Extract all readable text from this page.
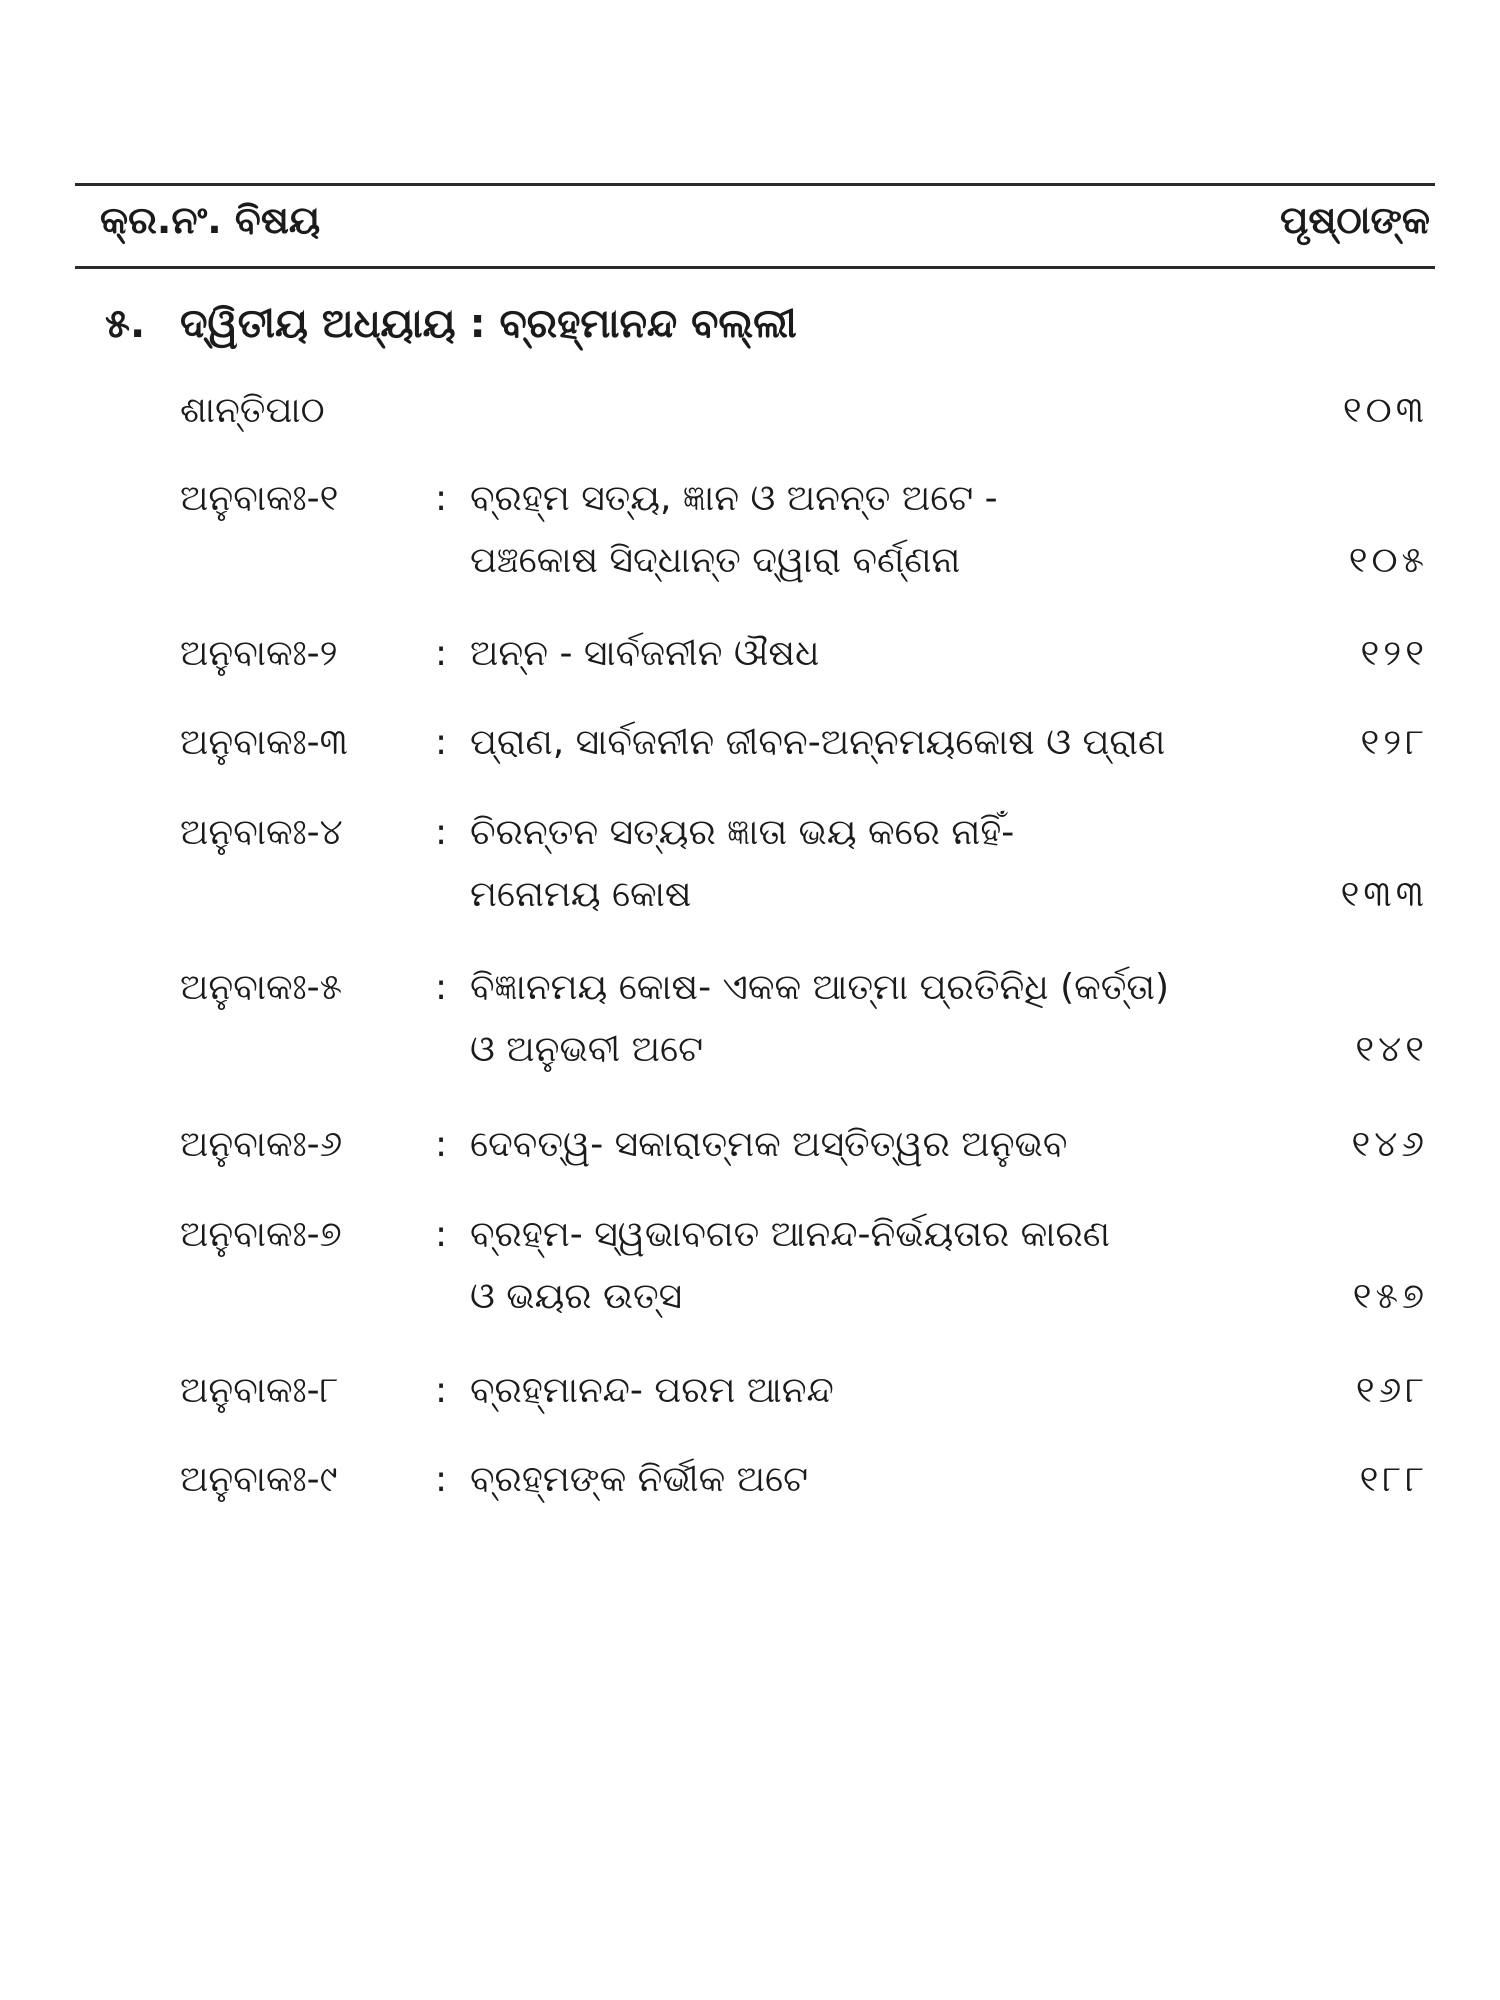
କ୍ର.ନଂ. ବିଷୟ	ପୃଷ୍ଠାଙ୍କ
୫. ଦ୍ୱିତୀୟ ଅଧ୍ୟାୟ : ବ୍ରହ୍ମାନନ୍ଦ ବଲ୍ଲୀ
ଶାନ୍ତିପାଠ	୧୦୩
ଅନୁବାକଃ-୧	: ବ୍ରହ୍ମ ସତ୍ୟ, ଜ୍ଞାନ ଓ ଅନନ୍ତ ଅଟେ -
ପଞ୍ଚକୋଷ ସିଦ୍ଧାନ୍ତ ଦ୍ୱାରା ବର୍ଣ୍ଣନା	୧୦୫
ଅନୁବାକଃ-୨	: ଅନ୍ନ - ସାର୍ବଜନୀନ ଔଷଧ	୧୨୧
ଅନୁବାକଃ-୩ : ପ୍ରାଣ, ସାର୍ବଜନୀନ ଜୀବନ-ଅନ୍ନମୟକୋଷ ଓ ପ୍ରାଣ	୧୨୮
ଅନୁବାକଃ-୪	: ଚିରନ୍ତନ ସତ୍ୟର ଜ୍ଞାତା ଭୟ କରେ ନାହିଁ-
ମନୋମୟ କୋଷ	୧୩୩
ଅନୁବାକଃ-୫	: ବିଜ୍ଞାନମୟ କୋଷ- ଏକକ ଆତ୍ମା ପ୍ରତିନିଧି (କର୍ତ୍ତା)
ଓ ଅନୁଭବୀ ଅଟେ	୧୪୧
ଅନୁବାକଃ-୬	: ଦେବତ୍ୱ- ସକାରାତ୍ମକ ଅସ୍ତିତ୍ୱର ଅନୁଭବ	୧୪୬
ଅନୁବାକଃ-୭	: ବ୍ରହ୍ମ- ସ୍ୱଭାବଗତ ଆନନ୍ଦ-ନିର୍ଭୟତାର କାରଣ
ଓ ଭୟର ଉତ୍ସ	୧୫୭
ଅନୁବାକଃ-୮	: ବ୍ରହ୍ମାନନ୍ଦ- ପରମ ଆନନ୍ଦ	୧୬୮
ଅନୁବାକଃ-୯	: ବ୍ରହ୍ମଙ୍କ ନିର୍ଭୀକ ଅଟେ	୧୮୮
